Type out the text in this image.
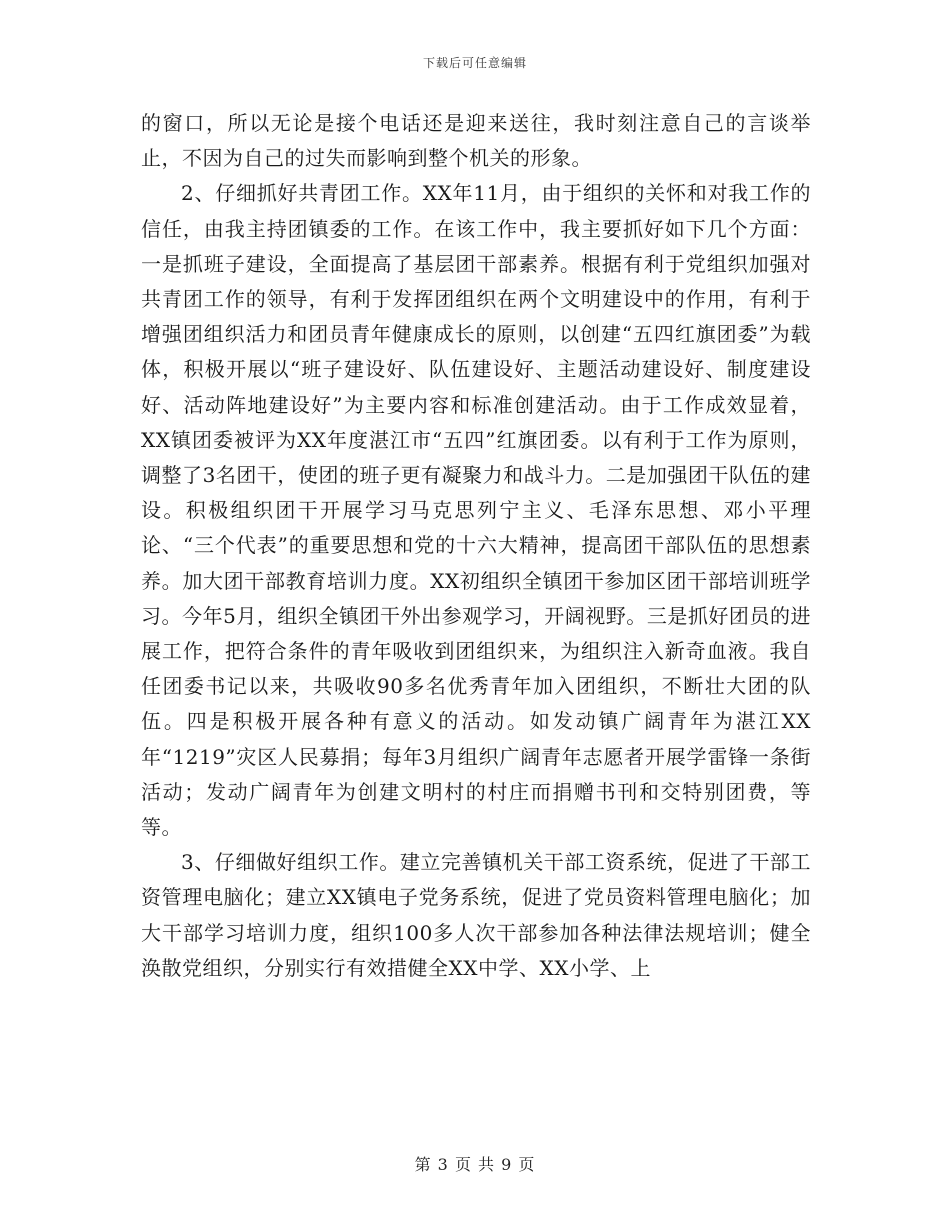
下载后可任意编辑

的窗口，所以无论是接个电话还是迎来送往，我时刻注意自己的言谈举止，不因为自己的过失而影响到整个机关的形象。

2、仔细抓好共青团工作。XX年11月，由于组织的关怀和对我工作的信任，由我主持团镇委的工作。在该工作中，我主要抓好如下几个方面：一是抓班子建设，全面提高了基层团干部素养。根据有利于党组织加强对共青团工作的领导，有利于发挥团组织在两个文明建设中的作用，有利于增强团组织活力和团员青年健康成长的原则，以创建“五四红旗团委”为载体，积极开展以“班子建设好、队伍建设好、主题活动建设好、制度建设好、活动阵地建设好”为主要内容和标准创建活动。由于工作成效显着，XX镇团委被评为XX年度湛江市“五四”红旗团委。以有利于工作为原则，调整了3名团干，使团的班子更有凝聚力和战斗力。二是加强团干队伍的建设。积极组织团干开展学习马克思列宁主义、毛泽东思想、邓小平理论、“三个代表”的重要思想和党的十六大精神，提高团干部队伍的思想素养。加大团干部教育培训力度。XX初组织全镇团干参加区团干部培训班学习。今年5月，组织全镇团干外出参观学习，开阔视野。三是抓好团员的进展工作，把符合条件的青年吸收到团组织来，为组织注入新奇血液。我自任团委书记以来，共吸收90多名优秀青年加入团组织，不断壮大团的队伍。四是积极开展各种有意义的活动。如发动镇广阔青年为湛江XX年“1219”灾区人民募捐；每年3月组织广阔青年志愿者开展学雷锋一条街活动；发动广阔青年为创建文明村的村庄而捐赠书刊和交特别团费，等等。

3、仔细做好组织工作。建立完善镇机关干部工资系统，促进了干部工资管理电脑化；建立XX镇电子党务系统，促进了党员资料管理电脑化；加大干部学习培训力度，组织100多人次干部参加各种法律法规培训；健全涣散党组织，分别实行有效措健全XX中学、XX小学、上

第 3 页 共 9 页
